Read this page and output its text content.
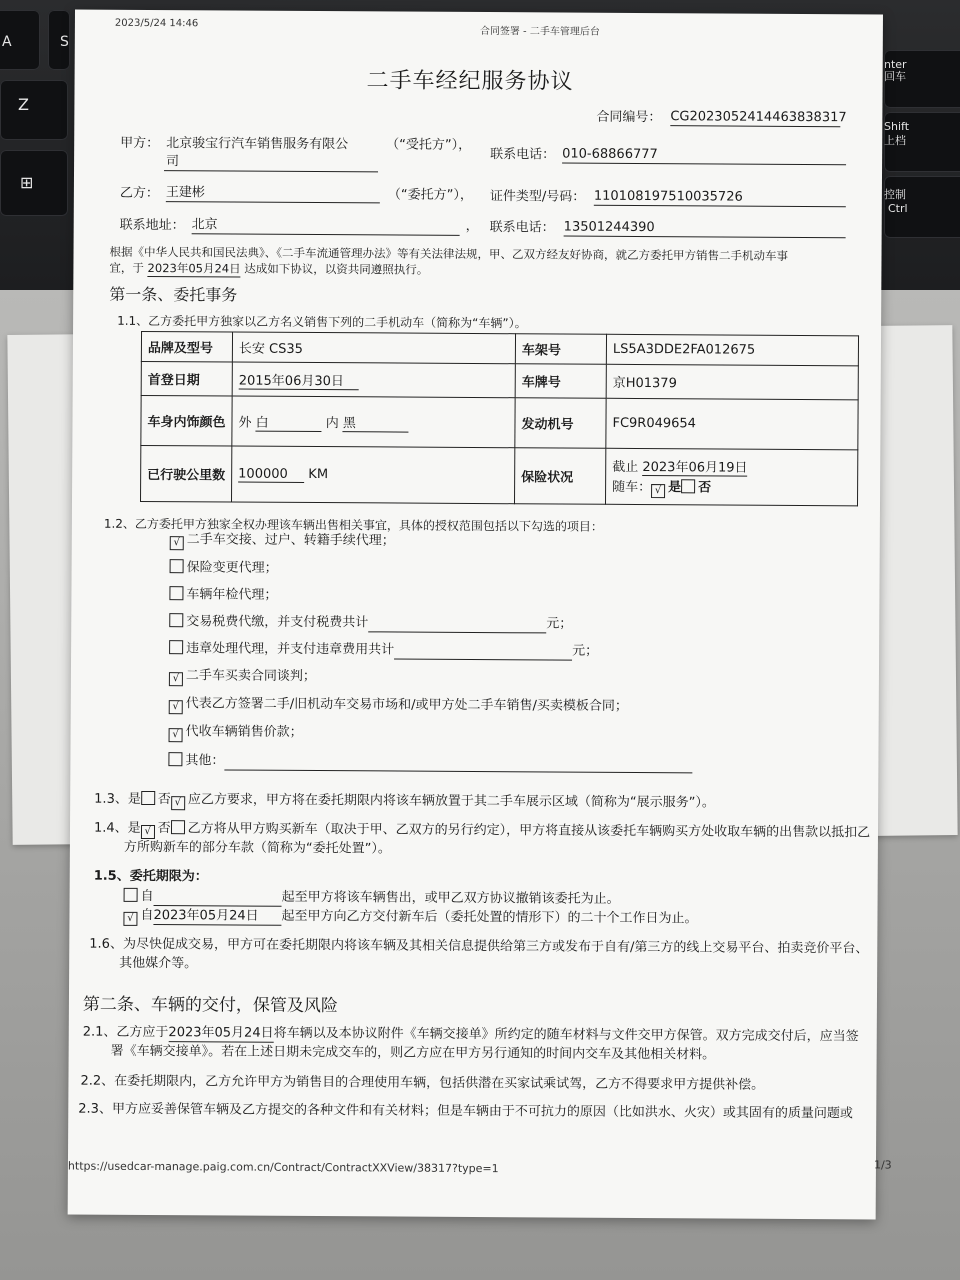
A	S
Z
⊞
nter
回车
Shift
上档
控制
Ctrl
2023/5/24 14:46
合同签署 - 二手车管理后台
二手车经纪服务协议
合同编号： CG2023052414463838317
甲方： 北京骏宝行汽车销售服务有限公
司
（“受托方”），
联系电话： 010-68866777
乙方： 王建彬	（“委托方”）， 证件类型/号码： 110108197510035726
联系地址： 北京	， 联系电话： 13501244390
根据《中华人民共和国民法典》、《二手车流通管理办法》等有关法律法规，甲、乙双方经友好协商，就乙方委托甲方销售二手机动车事
宜，于 2023年05月24日 达成如下协议，以资共同遵照执行。
第一条、委托事务
1.1、乙方委托甲方独家以乙方名义销售下列的二手机动车（简称为“车辆”）。
品牌及型号	长安 CS35	车架号	LS5A3DDE2FA012675
首登日期	2015年06月30日	车牌号	京H01379
车身内饰颜色	外 白 内 黑	发动机号	FC9R049654
已行驶公里数	100000 KM	保险状况	截止 2023年06月19日
随车： √ 是 否
1.2、乙方委托甲方独家全权办理该车辆出售相关事宜，具体的授权范围包括以下勾选的项目：
√二手车交接、过户、转籍手续代理；
保险变更代理；
车辆年检代理；
交易税费代缴，并支付税费共计	元；
违章处理代理，并支付违章费用共计	元；
√二手车买卖合同谈判；
√代表乙方签署二手/旧机动车交易市场和/或甲方处二手车销售/买卖模板合同；
√代收车辆销售价款；
其他：
1.3、是 否 √ 应乙方要求，甲方将在委托期限内将该车辆放置于其二手车展示区域（简称为“展示服务”）。
1.4、是 √ 否 乙方将从甲方购买新车（取决于甲、乙双方的另行约定），甲方将直接从该委托车辆购买方处收取车辆的出售款以抵扣乙
方所购新车的部分车款（简称为“委托处置”）。
1.5、委托期限为：
自	起至甲方将该车辆售出，或甲乙双方协议撤销该委托为止。
√自2023年05月24日 起至甲方向乙方交付新车后（委托处置的情形下）的二十个工作日为止。
1.6、为尽快促成交易，甲方可在委托期限内将该车辆及其相关信息提供给第三方或发布于自有/第三方的线上交易平台、拍卖竞价平台、
其他媒介等。
第二条、车辆的交付，保管及风险
2.1、乙方应于2023年05月24日将车辆以及本协议附件《车辆交接单》所约定的随车材料与文件交甲方保管。双方完成交付后，应当签
署《车辆交接单》。若在上述日期未完成交车的，则乙方应在甲方另行通知的时间内交车及其他相关材料。
2.2、在委托期限内，乙方允许甲方为销售目的合理使用车辆，包括供潜在买家试乘试驾，乙方不得要求甲方提供补偿。
2.3、甲方应妥善保管车辆及乙方提交的各种文件和有关材料；但是车辆由于不可抗力的原因（比如洪水、火灾）或其固有的质量问题或
https://usedcar-manage.paig.com.cn/Contract/ContractXXView/38317?type=1	1/3
